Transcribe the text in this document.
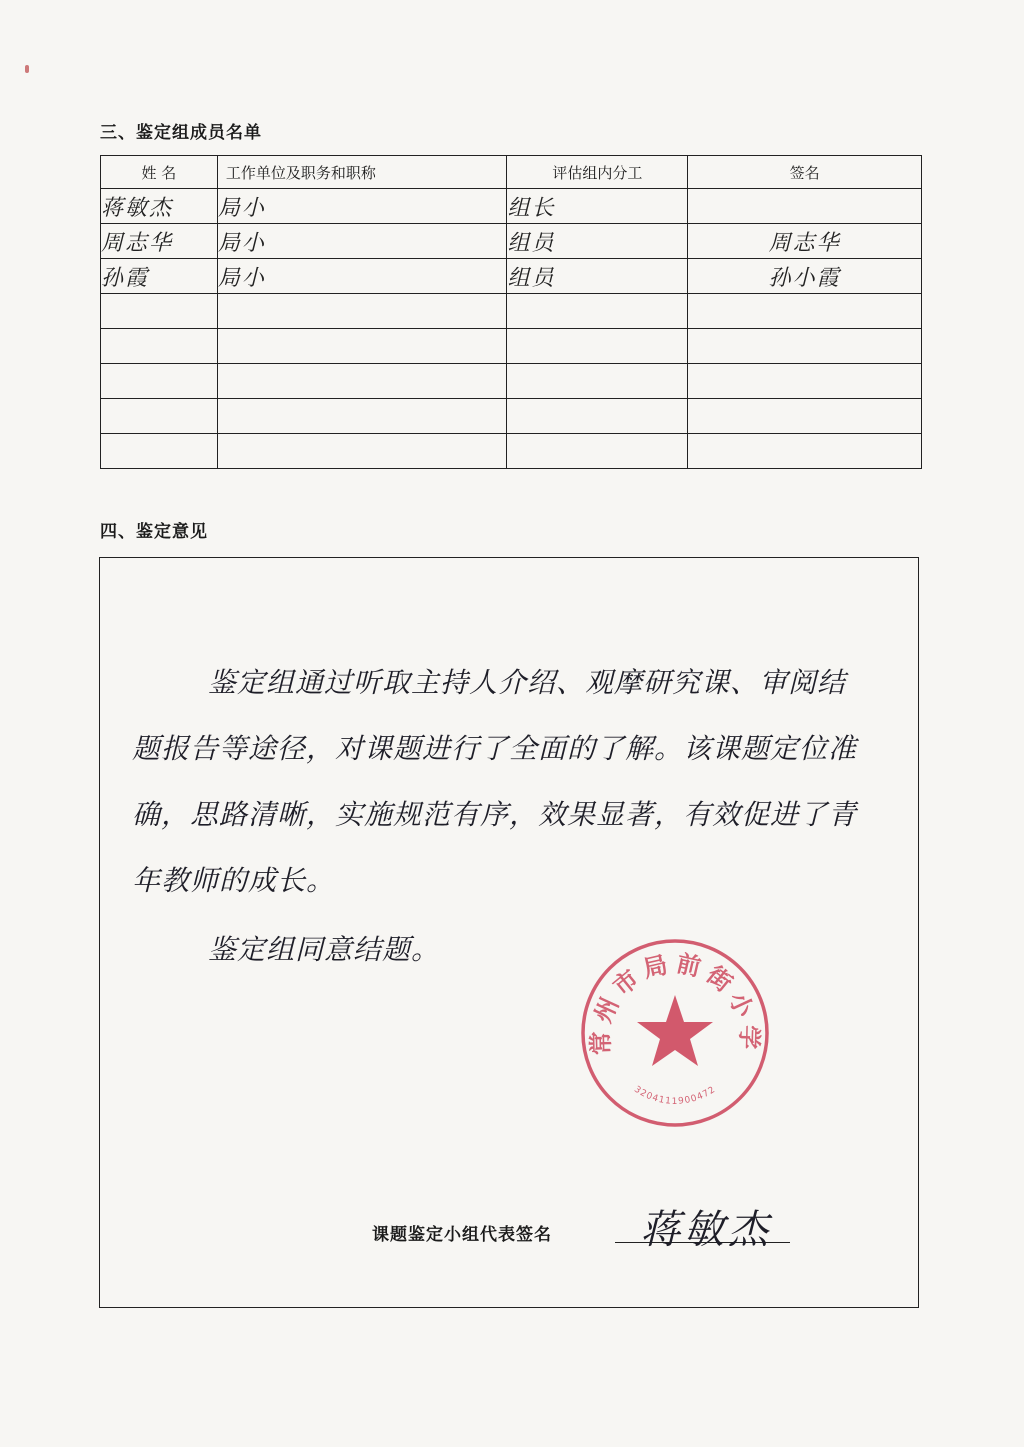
三、鉴定组成员名单
姓 名	工作单位及职务和职称	评估组内分工	签名
蒋敏杰	局小	组长	
周志华	局小	组员	周志华
孙霞	局小	组员	孙小霞

四、鉴定意见
鉴定组通过听取主持人介绍、观摩研究课、审阅结题报告等途径，对课题进行了全面的了解。该课题定位准确，思路清晰，实施规范有序，效果显著，有效促进了青年教师的成长。
鉴定组同意结题。
常州市局前街小学
3204111900472
课题鉴定小组代表签名 蒋敏杰
